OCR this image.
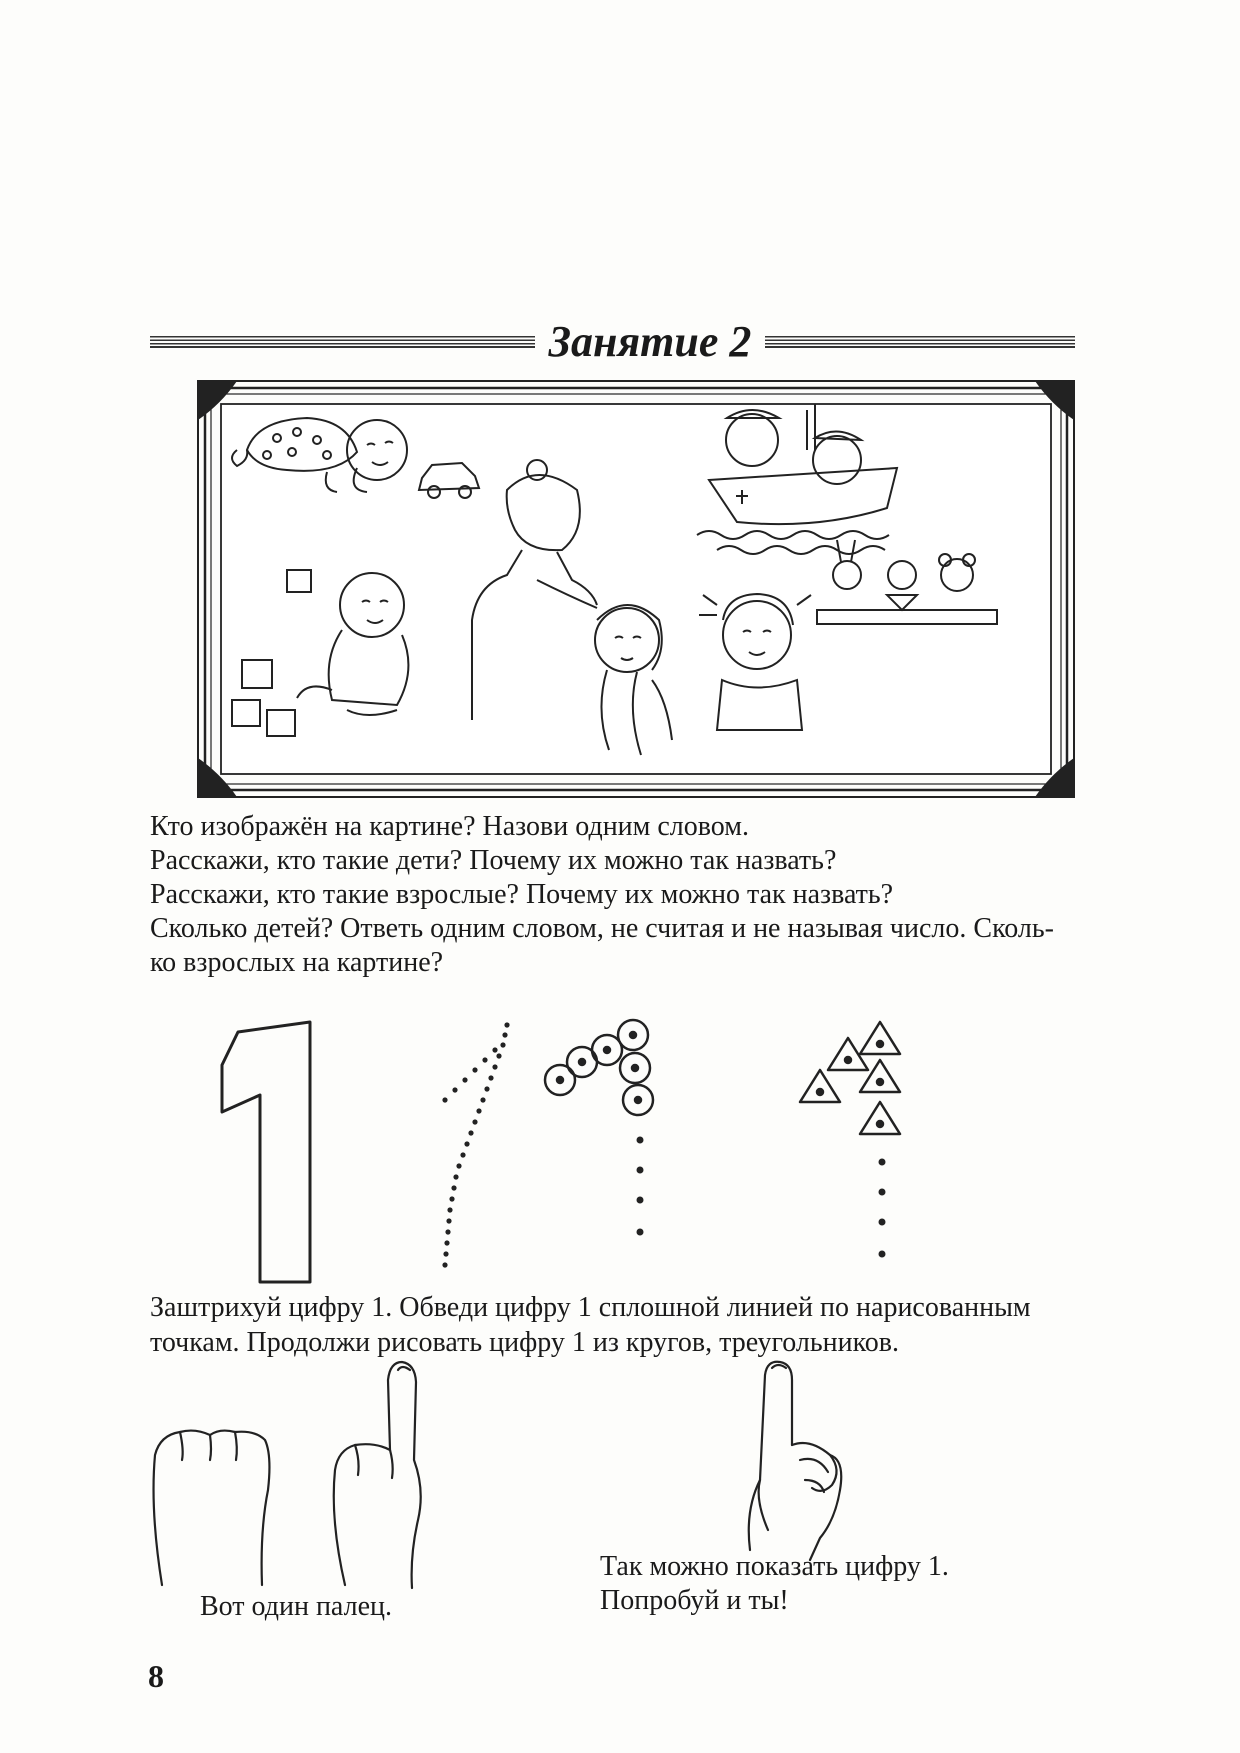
Занятие 2

Кто изображён на картине? Назови одним словом.

Расскажи, кто такие дети? Почему их можно так назвать?

Расскажи, кто такие взрослые? Почему их можно так назвать?

Сколько детей? Ответь одним словом, не считая и не называя число. Сколь-

ко взрослых на картине?

1

Заштрихуй цифру 1. Обведи цифру 1 сплошной линией по нарисованным

точкам. Продолжи рисовать цифру 1 из кругов, треугольников.

Вот один палец.

Так можно показать цифру 1.

Попробуй и ты!

8
